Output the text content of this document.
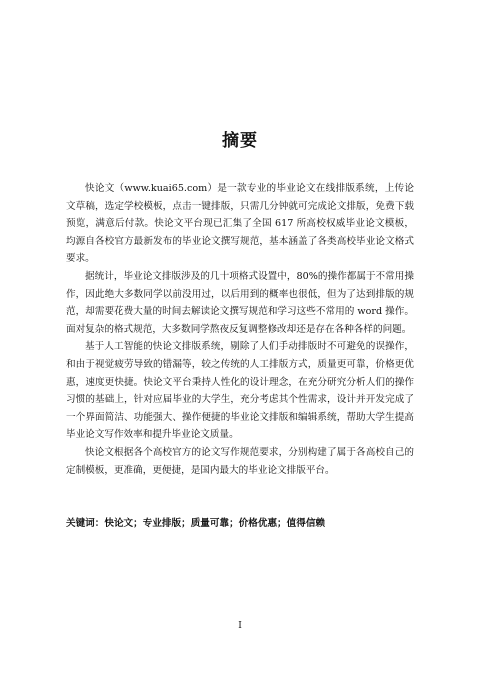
摘要

快论文（www.kuai65.com）是一款专业的毕业论文在线排版系统，上传论文草稿，选定学校模板，点击一键排版，只需几分钟就可完成论文排版，免费下载预览，满意后付款。快论文平台现已汇集了全国 617 所高校权威毕业论文模板，均源自各校官方最新发布的毕业论文撰写规范，基本涵盖了各类高校毕业论文格式要求。

据统计，毕业论文排版涉及的几十项格式设置中，80%的操作都属于不常用操作，因此绝大多数同学以前没用过，以后用到的概率也很低，但为了达到排版的规范，却需要花费大量的时间去解读论文撰写规范和学习这些不常用的 word 操作。面对复杂的格式规范，大多数同学熬夜反复调整修改却还是存在各种各样的问题。

基于人工智能的快论文排版系统，剔除了人们手动排版时不可避免的误操作，和由于视觉疲劳导致的错漏等，较之传统的人工排版方式，质量更可靠，价格更优惠，速度更快捷。快论文平台秉持人性化的设计理念，在充分研究分析人们的操作习惯的基础上，针对应届毕业的大学生，充分考虑其个性需求，设计并开发完成了一个界面简洁、功能强大、操作便捷的毕业论文排版和编辑系统，帮助大学生提高毕业论文写作效率和提升毕业论文质量。

快论文根据各个高校官方的论文写作规范要求，分别构建了属于各高校自己的定制模板，更准确，更便捷，是国内最大的毕业论文排版平台。

关键词：快论文；专业排版；质量可靠；价格优惠；值得信赖
I
